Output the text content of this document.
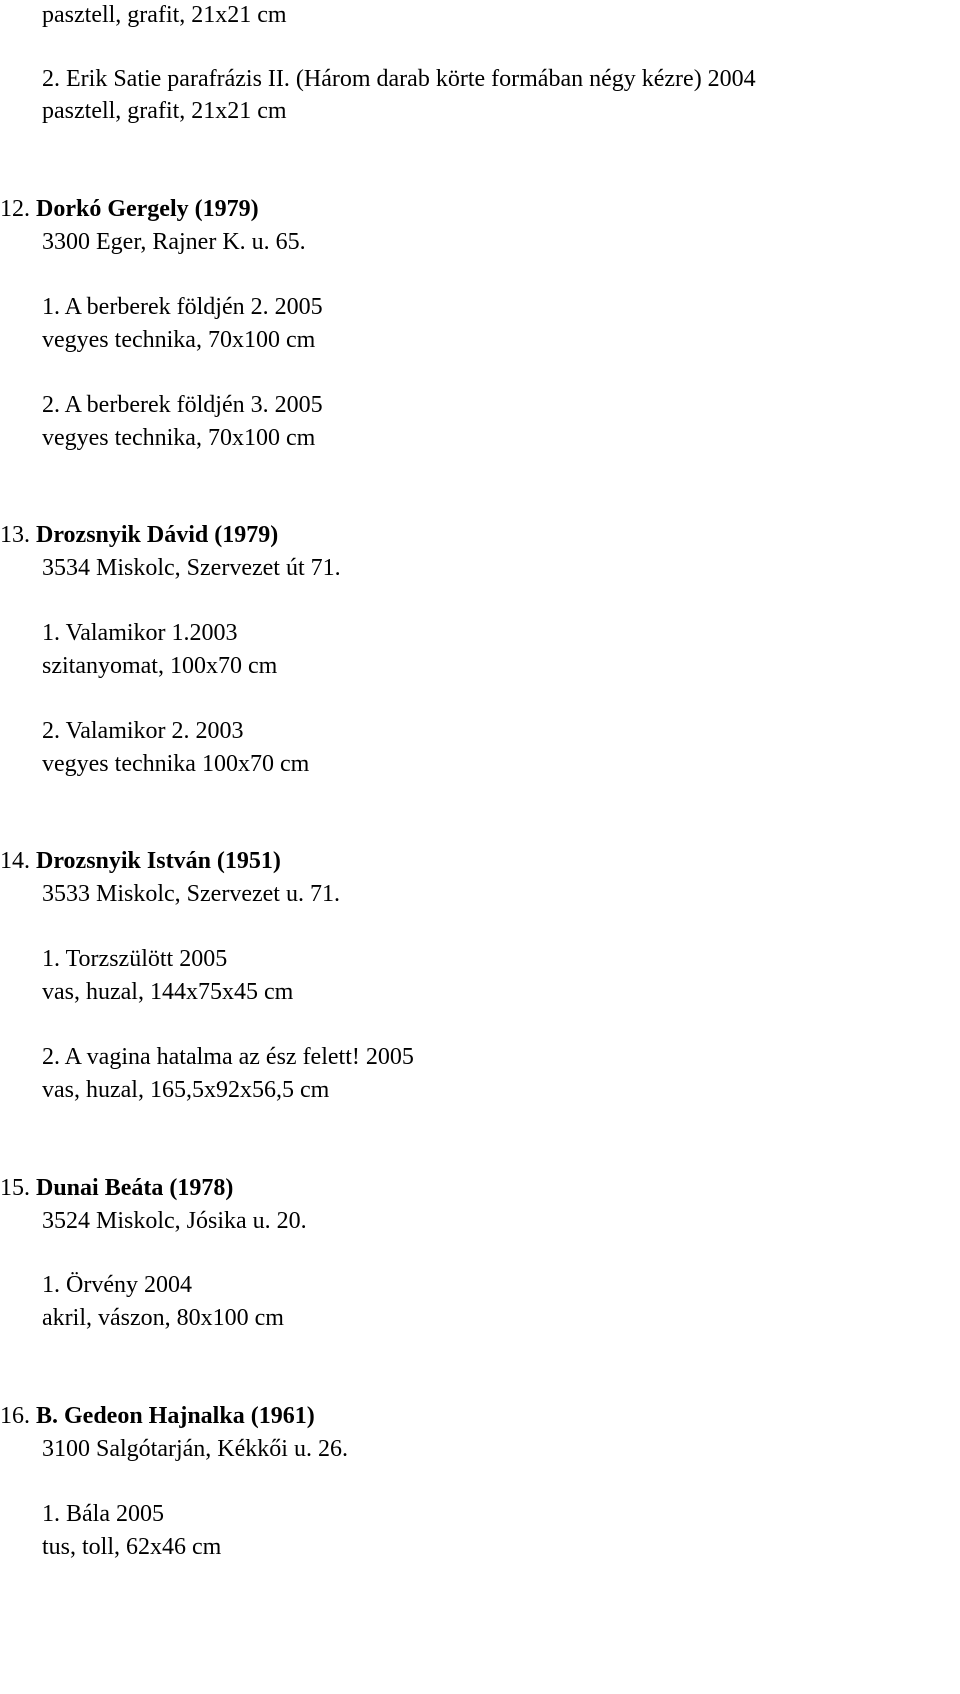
pasztell, grafit, 21x21 cm

2. Erik Satie parafrázis II. (Három darab körte formában négy kézre) 2004

pasztell, grafit, 21x21 cm

12. Dorkó Gergely (1979)

3300 Eger, Rajner K. u. 65.

1. A berberek földjén 2. 2005

vegyes technika, 70x100 cm

2. A berberek földjén 3. 2005

vegyes technika, 70x100 cm

13. Drozsnyik Dávid (1979)

3534 Miskolc, Szervezet út 71.

1. Valamikor 1.2003

szitanyomat, 100x70 cm

2. Valamikor 2. 2003

vegyes technika 100x70 cm

14. Drozsnyik István (1951)

3533 Miskolc, Szervezet u. 71.

1. Torzszülött 2005

vas, huzal, 144x75x45 cm

2. A vagina hatalma az ész felett! 2005

vas, huzal, 165,5x92x56,5 cm

15. Dunai Beáta (1978)

3524 Miskolc, Jósika u. 20.

1. Örvény 2004

akril, vászon, 80x100 cm

16. B. Gedeon Hajnalka (1961)

3100 Salgótarján, Kékkői u. 26.

1. Bála 2005

tus, toll, 62x46 cm
